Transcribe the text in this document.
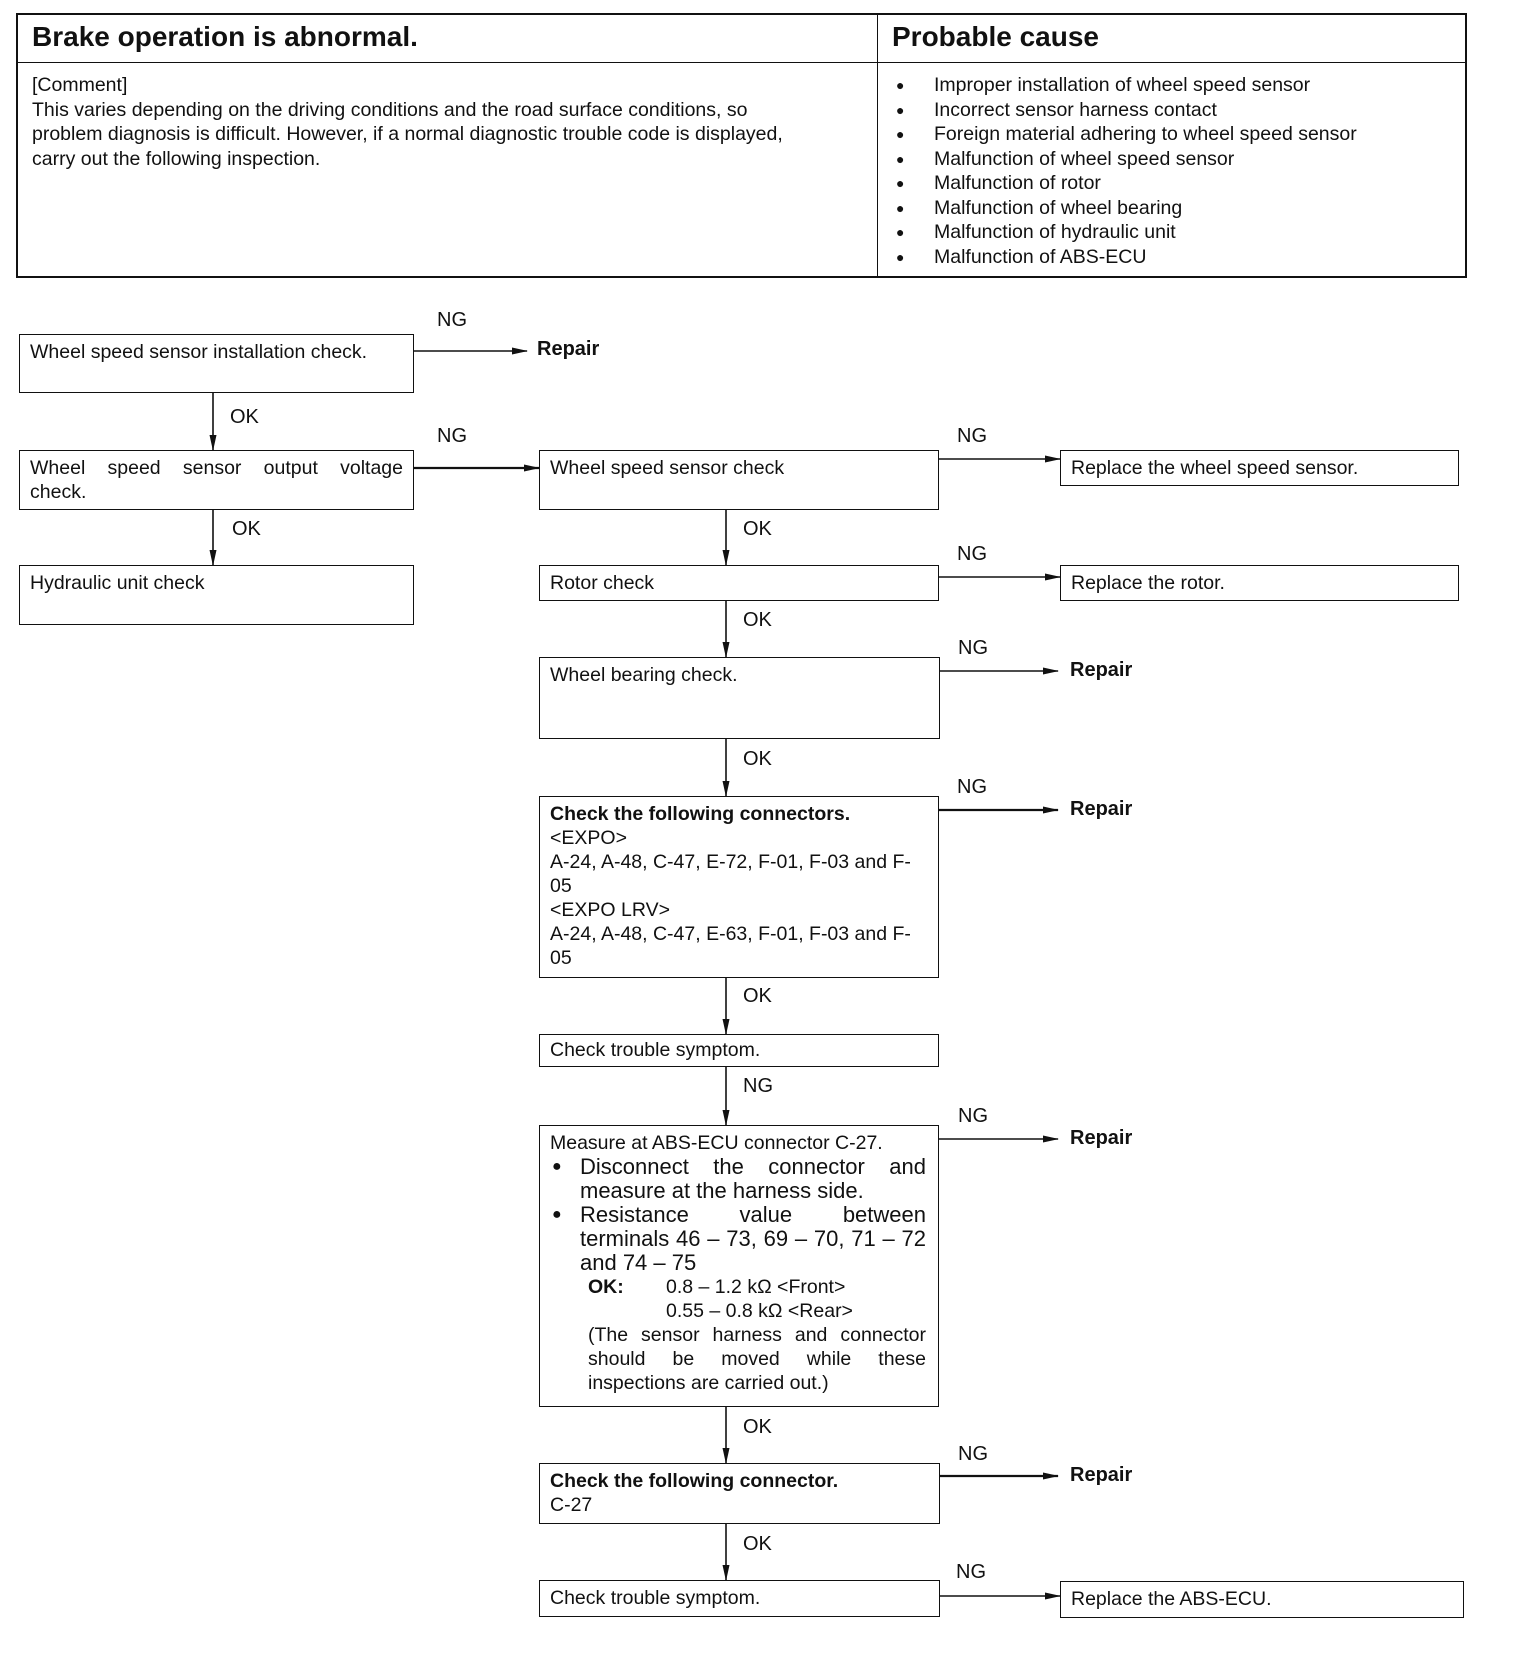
Brake operation is abnormal.	Probable cause
[Comment]
This varies depending on the driving conditions and the road surface conditions, so
problem diagnosis is difficult. However, if a normal diagnostic trouble code is displayed,
carry out the following inspection.
● Improper installation of wheel speed sensor
● Incorrect sensor harness contact
● Foreign material adhering to wheel speed sensor
● Malfunction of wheel speed sensor
● Malfunction of rotor
● Malfunction of wheel bearing
● Malfunction of hydraulic unit
● Malfunction of ABS-ECU
Wheel speed sensor installation check.
NG
Repair
OK
Wheel speed sensor output voltage
check.
NG
OK
Hydraulic unit check
Wheel speed sensor check
NG
Replace the wheel speed sensor.
OK
Rotor check
NG
Replace the rotor.
OK
Wheel bearing check.
NG
Repair
OK
Check the following connectors.
<EXPO>
A-24, A-48, C-47, E-72, F-01, F-03 and F-05
<EXPO LRV>
A-24, A-48, C-47, E-63, F-01, F-03 and F-05
NG
Repair
OK
Check trouble symptom.
NG
Measure at ABS-ECU connector C-27.
● Disconnect the connector and measure at the harness side.
● Resistance value between terminals 46 – 73, 69 – 70, 71 – 72 and 74 – 75
OK: 0.8 – 1.2 kΩ <Front>
0.55 – 0.8 kΩ <Rear>
(The sensor harness and connector should be moved while these inspections are carried out.)
NG
Repair
OK
Check the following connector.
C-27
NG
Repair
OK
Check trouble symptom.
NG
Replace the ABS-ECU.
